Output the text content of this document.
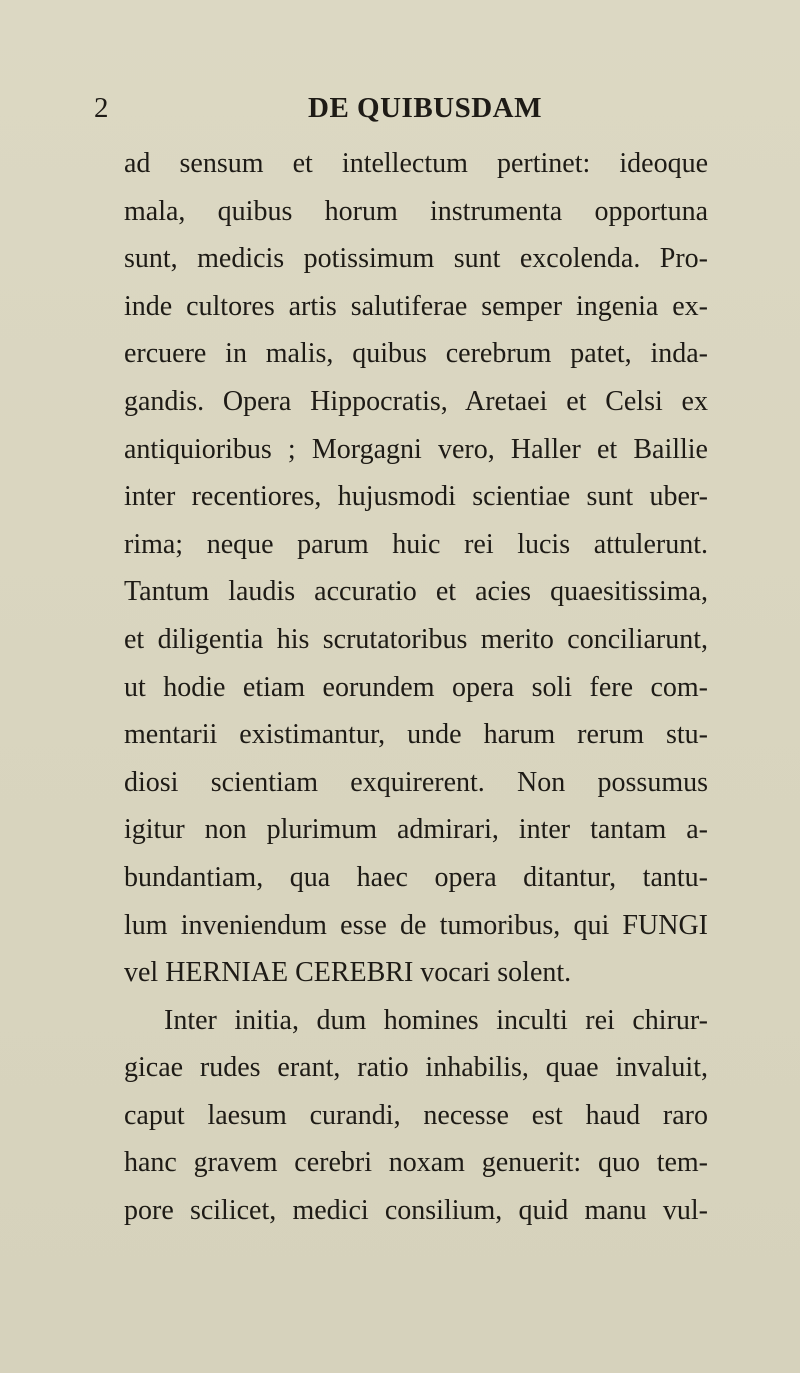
2	DE QUIBUSDAM
ad sensum et intellectum pertinet: ideoque
mala, quibus horum instrumenta opportuna
sunt, medicis potissimum sunt excolenda. Pro-
inde cultores artis salutiferae semper ingenia ex-
ercuere in malis, quibus cerebrum patet, inda-
gandis. Opera Hippocratis, Aretaei et Celsi ex
antiquioribus ; Morgagni vero, Haller et Baillie
inter recentiores, hujusmodi scientiae sunt uber-
rima; neque parum huic rei lucis attulerunt.
Tantum laudis accuratio et acies quaesitissima,
et diligentia his scrutatoribus merito conciliarunt,
ut hodie etiam eorundem opera soli fere com-
mentarii existimantur, unde harum rerum stu-
diosi scientiam exquirerent. Non possumus
igitur non plurimum admirari, inter tantam a-
bundantiam, qua haec opera ditantur, tantu-
lum inveniendum esse de tumoribus, qui FUNGI
vel HERNIAE CEREBRI vocari solent.
Inter initia, dum homines inculti rei chirur-
gicae rudes erant, ratio inhabilis, quae invaluit,
caput laesum curandi, necesse est haud raro
hanc gravem cerebri noxam genuerit: quo tem-
pore scilicet, medici consilium, quid manu vul-
